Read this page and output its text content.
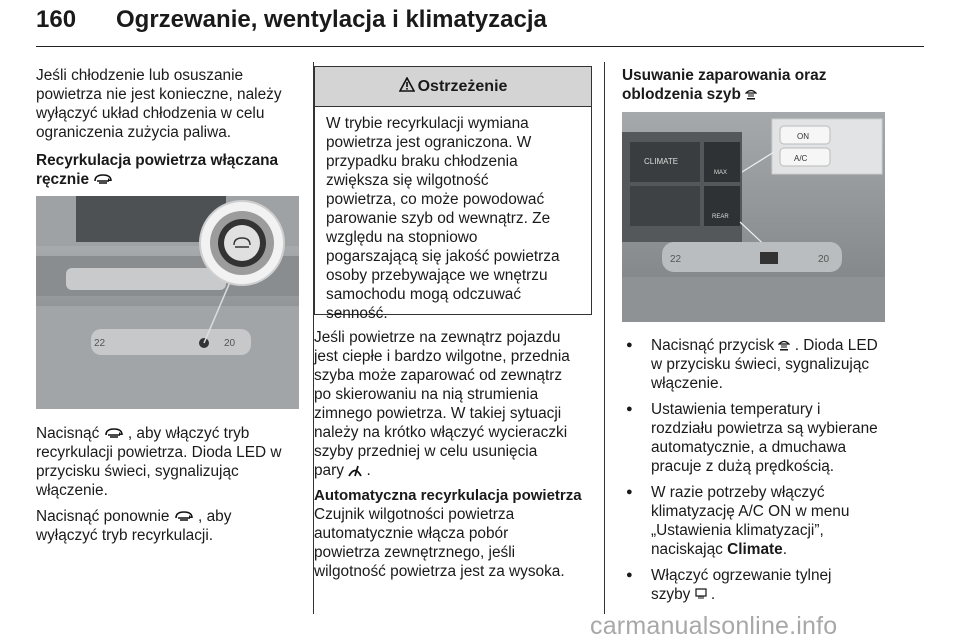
160 Ogrzewanie, wentylacja i klimatyzacja

Jeśli chłodzenie lub osuszanie

powietrza nie jest konieczne, należy

wyłączyć układ chłodzenia w celu

ograniczenia zużycia paliwa.

Recyrkulacja powietrza włączana

ręcznie

22	20

Nacisnąć , aby włączyć tryb

recyrkulacji powietrza. Dioda LED w

przycisku świeci, sygnalizując

włączenie.

Nacisnąć ponownie , aby

wyłączyć tryb recyrkulacji.

Ostrzeżenie

W trybie recyrkulacji wymiana

powietrza jest ograniczona. W

przypadku braku chłodzenia

zwiększa się wilgotność

powietrza, co może powodować

parowanie szyb od wewnątrz. Ze

względu na stopniowo

pogarszającą się jakość powietrza

osoby przebywające we wnętrzu

samochodu mogą odczuwać

senność.

Jeśli powietrze na zewnątrz pojazdu

jest ciepłe i bardzo wilgotne, przednia

szyba może zaparować od zewnątrz

po skierowaniu na nią strumienia

zimnego powietrza. W takiej sytuacji

należy na krótko włączyć wycieraczki

szyby przedniej w celu usunięcia

pary .

Automatyczna recyrkulacja powietrza

Czujnik wilgotności powietrza

automatycznie włącza pobór

powietrza zewnętrznego, jeśli

wilgotność powietrza jest za wysoka.

Usuwanie zaparowania oraz

oblodzenia szyb

ON
A/C
CLIMATE
MAX
REAR
22	20
● Nacisnąć przycisk . Dioda LED
w przycisku świeci, sygnalizując
włączenie.
● Ustawienia temperatury i
rozdziału powietrza są wybierane
automatycznie, a dmuchawa
pracuje z dużą prędkością.
● W razie potrzeby włączyć
klimatyzację A/C ON w menu
„Ustawienia klimatyzacji”,
naciskając Climate.
● Włączyć ogrzewanie tylnej
szyby .
carmanualsonline.info
